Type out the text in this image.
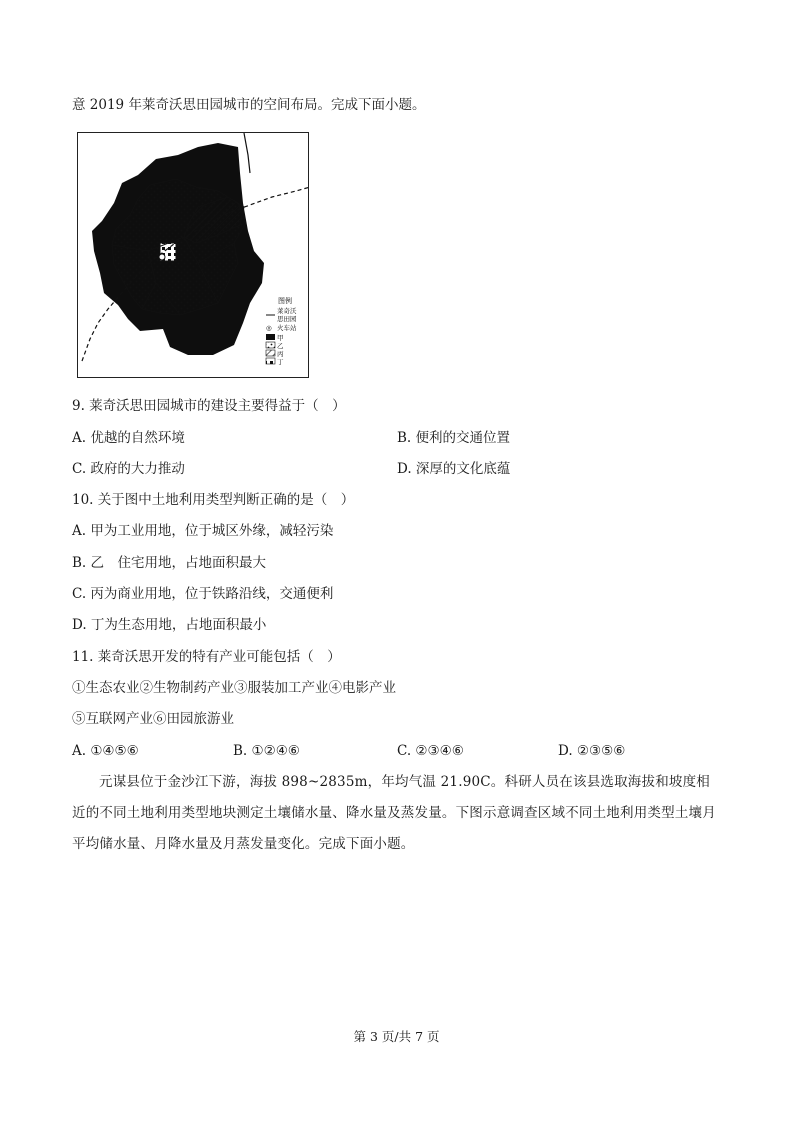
意 2019 年莱奇沃思田园城市的空间布局。完成下面小题。
图例
莱奇沃
思田园
◎ 火车站
甲
乙
丙
丁
9. 莱奇沃思田园城市的建设主要得益于（　）
A. 优越的自然环境	B. 便利的交通位置
C. 政府的大力推动	D. 深厚的文化底蕴
10. 关于图中土地利用类型判断正确的是（　）
A. 甲为工业用地，位于城区外缘，减轻污染
B. 乙　住宅用地，占地面积最大
C. 丙为商业用地，位于铁路沿线，交通便利
D. 丁为生态用地，占地面积最小
11. 莱奇沃思开发的特有产业可能包括（　）
①生态农业②生物制药产业③服装加工产业④电影产业
⑤互联网产业⑥田园旅游业
A. ①④⑤⑥	B. ①②④⑥	C. ②③④⑥	D. ②③⑤⑥
元谋县位于金沙江下游，海拔 898~2835m，年均气温 21.90C。科研人员在该县选取海拔和坡度相近的不同土地利用类型地块测定土壤储水量、降水量及蒸发量。下图示意调查区域不同土地利用类型土壤月平均储水量、月降水量及月蒸发量变化。完成下面小题。
第 3 页/共 7 页
